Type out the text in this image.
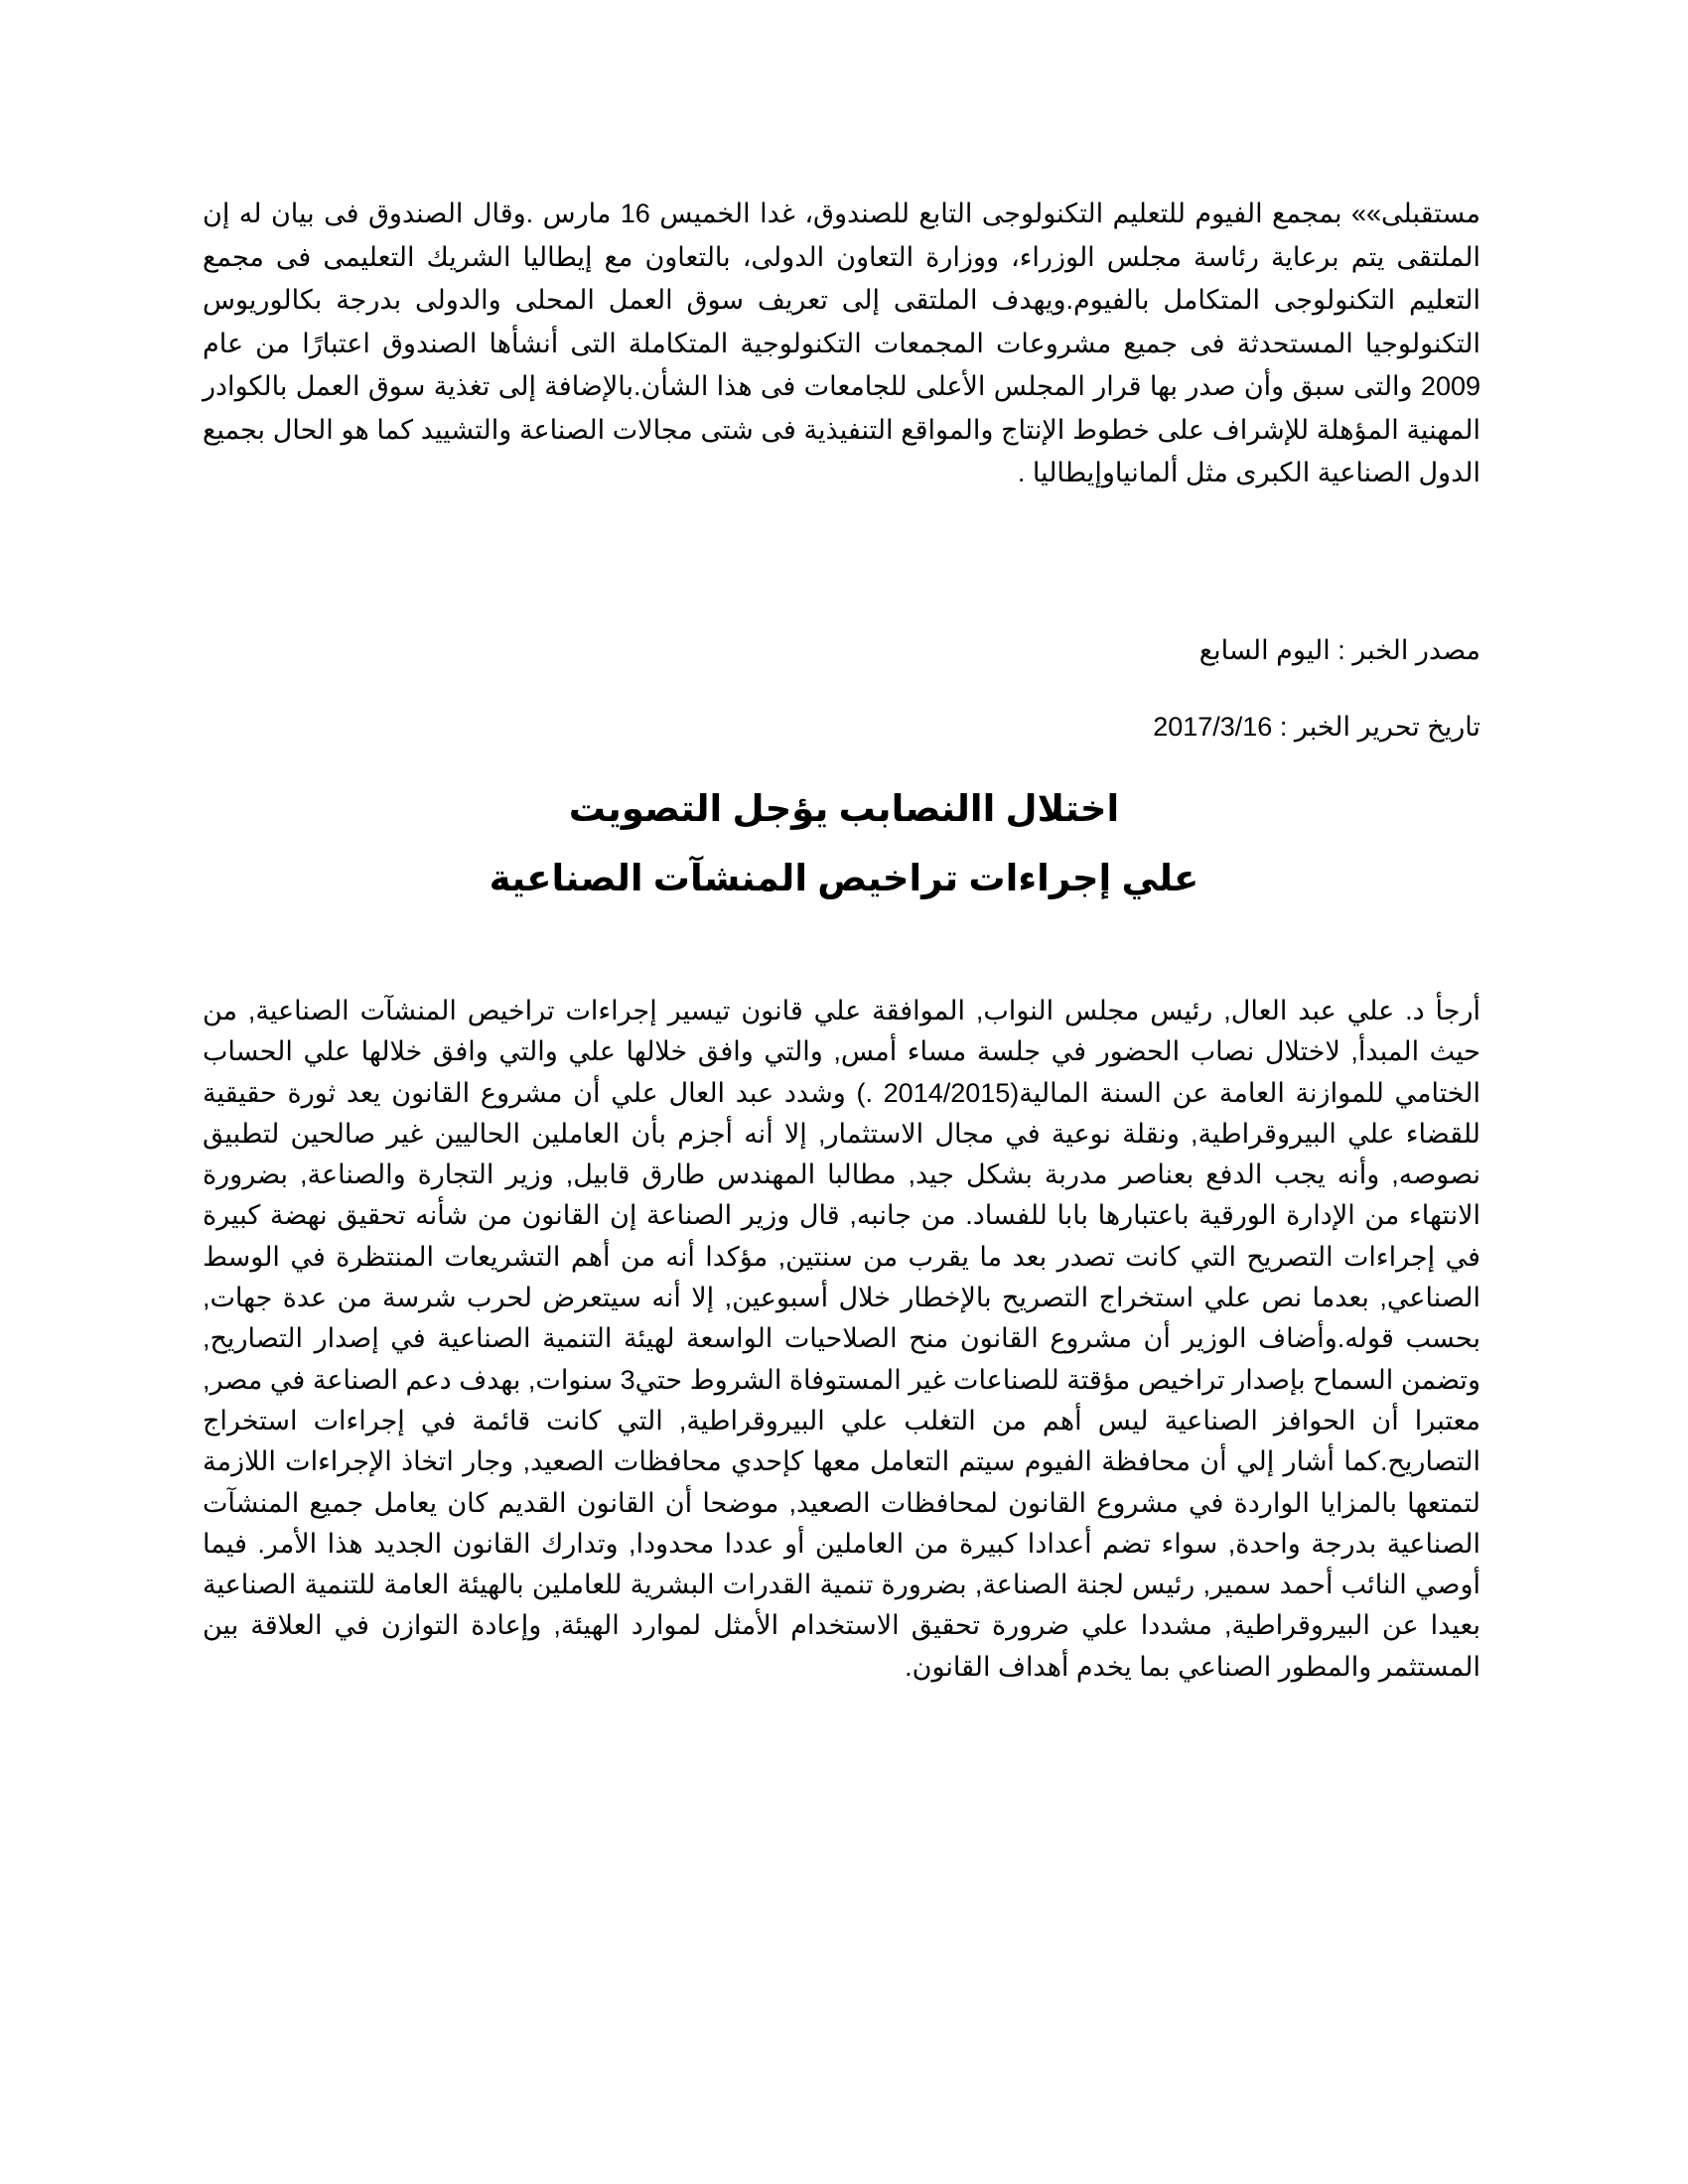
مستقبلى»» بمجمع الفيوم للتعليم التكنولوجى التابع للصندوق، غدا الخميس 16 مارس .وقال الصندوق فى بيان له إن الملتقى يتم برعاية رئاسة مجلس الوزراء، ووزارة التعاون الدولى، بالتعاون مع إيطاليا الشريك التعليمى فى مجمع التعليم التكنولوجى المتكامل بالفيوم.ويهدف الملتقى إلى تعريف سوق العمل المحلى والدولى بدرجة بكالوريوس التكنولوجيا المستحدثة فى جميع مشروعات المجمعات التكنولوجية المتكاملة التى أنشأها الصندوق اعتبارًا من عام 2009 والتى سبق وأن صدر بها قرار المجلس الأعلى للجامعات فى هذا الشأن.بالإضافة إلى تغذية سوق العمل بالكوادر المهنية المؤهلة للإشراف على خطوط الإنتاج والمواقع التنفيذية فى شتى مجالات الصناعة والتشييد كما هو الحال بجميع الدول الصناعية الكبرى مثل ألمانياوإيطاليا .
مصدر الخبر : اليوم السابع
تاريخ تحرير الخبر : 2017/3/16
اختلال االنصابب يؤجل التصويت
علي إجراءات تراخيص المنشآت الصناعية
أرجأ د. علي عبد العال, رئيس مجلس النواب, الموافقة علي قانون تيسير إجراءات تراخيص المنشآت الصناعية, من حيث المبدأ, لاختلال نصاب الحضور في جلسة مساء أمس, والتي وافق خلالها علي والتي وافق خلالها علي الحساب الختامي للموازنة العامة عن السنة المالية(2014/2015 .) وشدد عبد العال علي أن مشروع القانون يعد ثورة حقيقية للقضاء علي البيروقراطية, ونقلة نوعية في مجال الاستثمار, إلا أنه أجزم بأن العاملين الحاليين غير صالحين لتطبيق نصوصه, وأنه يجب الدفع بعناصر مدربة بشكل جيد, مطالبا المهندس طارق قابيل, وزير التجارة والصناعة, بضرورة الانتهاء من الإدارة الورقية باعتبارها بابا للفساد. من جانبه, قال وزير الصناعة إن القانون من شأنه تحقيق نهضة كبيرة في إجراءات التصريح التي كانت تصدر بعد ما يقرب من سنتين, مؤكدا أنه من أهم التشريعات المنتظرة في الوسط الصناعي, بعدما نص علي استخراج التصريح بالإخطار خلال أسبوعين, إلا أنه سيتعرض لحرب شرسة من عدة جهات, بحسب قوله.وأضاف الوزير أن مشروع القانون منح الصلاحيات الواسعة لهيئة التنمية الصناعية في إصدار التصاريح, وتضمن السماح بإصدار تراخيص مؤقتة للصناعات غير المستوفاة الشروط حتي3 سنوات, بهدف دعم الصناعة في مصر, معتبرا أن الحوافز الصناعية ليس أهم من التغلب علي البيروقراطية, التي كانت قائمة في إجراءات استخراج التصاريح.كما أشار إلي أن محافظة الفيوم سيتم التعامل معها كإحدي محافظات الصعيد, وجار اتخاذ الإجراءات اللازمة لتمتعها بالمزايا الواردة في مشروع القانون لمحافظات الصعيد, موضحا أن القانون القديم كان يعامل جميع المنشآت الصناعية بدرجة واحدة, سواء تضم أعدادا كبيرة من العاملين أو عددا محدودا, وتدارك القانون الجديد هذا الأمر. فيما أوصي النائب أحمد سمير, رئيس لجنة الصناعة, بضرورة تنمية القدرات البشرية للعاملين بالهيئة العامة للتنمية الصناعية بعيدا عن البيروقراطية, مشددا علي ضرورة تحقيق الاستخدام الأمثل لموارد الهيئة, وإعادة التوازن في العلاقة بين المستثمر والمطور الصناعي بما يخدم أهداف القانون.
